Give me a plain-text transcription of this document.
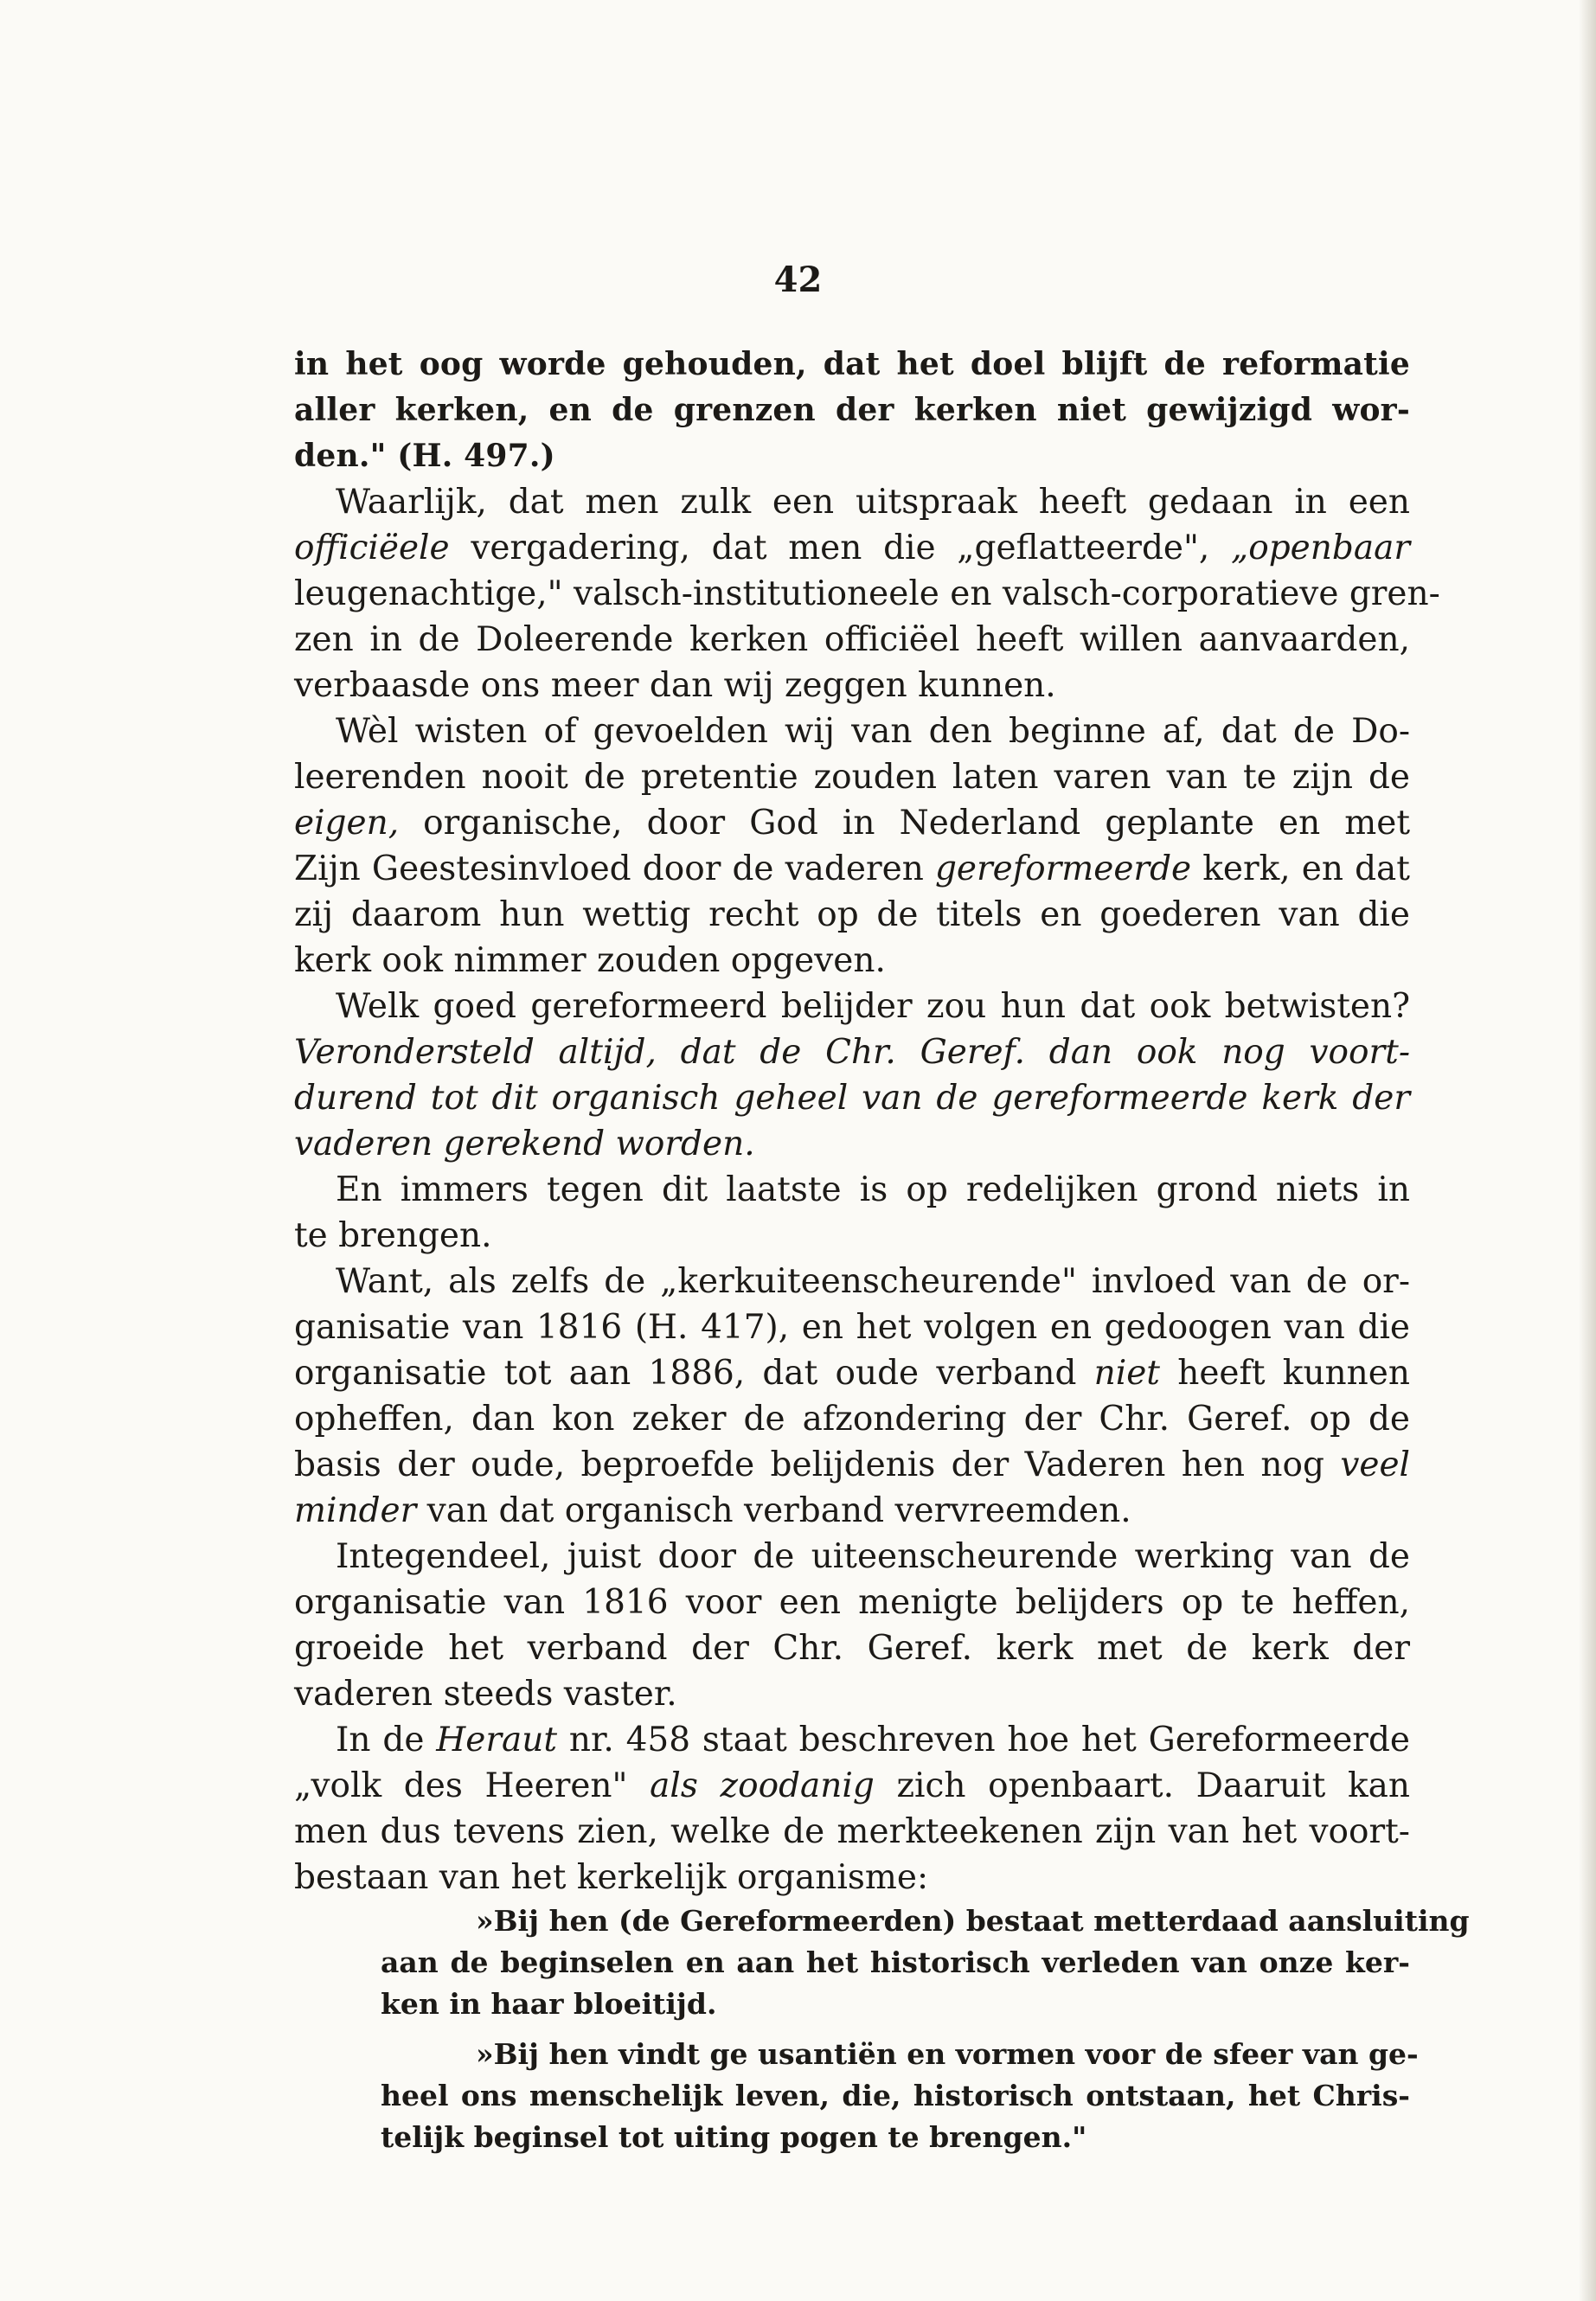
42
in het oog worde gehouden, dat het doel blijft de reformatie
aller kerken, en de grenzen der kerken niet gewijzigd wor-
den." (H. 497.)
Waarlijk, dat men zulk een uitspraak heeft gedaan in een
officiëele vergadering, dat men die „geflatteerde", „openbaar
leugenachtige," valsch-institutioneele en valsch-corporatieve gren-
zen in de Doleerende kerken officiëel heeft willen aanvaarden,
verbaasde ons meer dan wij zeggen kunnen.
Wèl wisten of gevoelden wij van den beginne af, dat de Do-
leerenden nooit de pretentie zouden laten varen van te zijn de
eigen, organische, door God in Nederland geplante en met
Zijn Geestesinvloed door de vaderen gereformeerde kerk, en dat
zij daarom hun wettig recht op de titels en goederen van die
kerk ook nimmer zouden opgeven.
Welk goed gereformeerd belijder zou hun dat ook betwisten?
Verondersteld altijd, dat de Chr. Geref. dan ook nog voort-
durend tot dit organisch geheel van de gereformeerde kerk der
vaderen gerekend worden.
En immers tegen dit laatste is op redelijken grond niets in
te brengen.
Want, als zelfs de „kerkuiteenscheurende" invloed van de or-
ganisatie van 1816 (H. 417), en het volgen en gedoogen van die
organisatie tot aan 1886, dat oude verband niet heeft kunnen
opheffen, dan kon zeker de afzondering der Chr. Geref. op de
basis der oude, beproefde belijdenis der Vaderen hen nog veel
minder van dat organisch verband vervreemden.
Integendeel, juist door de uiteenscheurende werking van de
organisatie van 1816 voor een menigte belijders op te heffen,
groeide het verband der Chr. Geref. kerk met de kerk der
vaderen steeds vaster.
In de Heraut nr. 458 staat beschreven hoe het Gereformeerde
„volk des Heeren" als zoodanig zich openbaart. Daaruit kan
men dus tevens zien, welke de merkteekenen zijn van het voort-
bestaan van het kerkelijk organisme:
»Bij hen (de Gereformeerden) bestaat metterdaad aansluiting
aan de beginselen en aan het historisch verleden van onze ker-
ken in haar bloeitijd.
»Bij hen vindt ge usantiën en vormen voor de sfeer van ge-
heel ons menschelijk leven, die, historisch ontstaan, het Chris-
telijk beginsel tot uiting pogen te brengen."
